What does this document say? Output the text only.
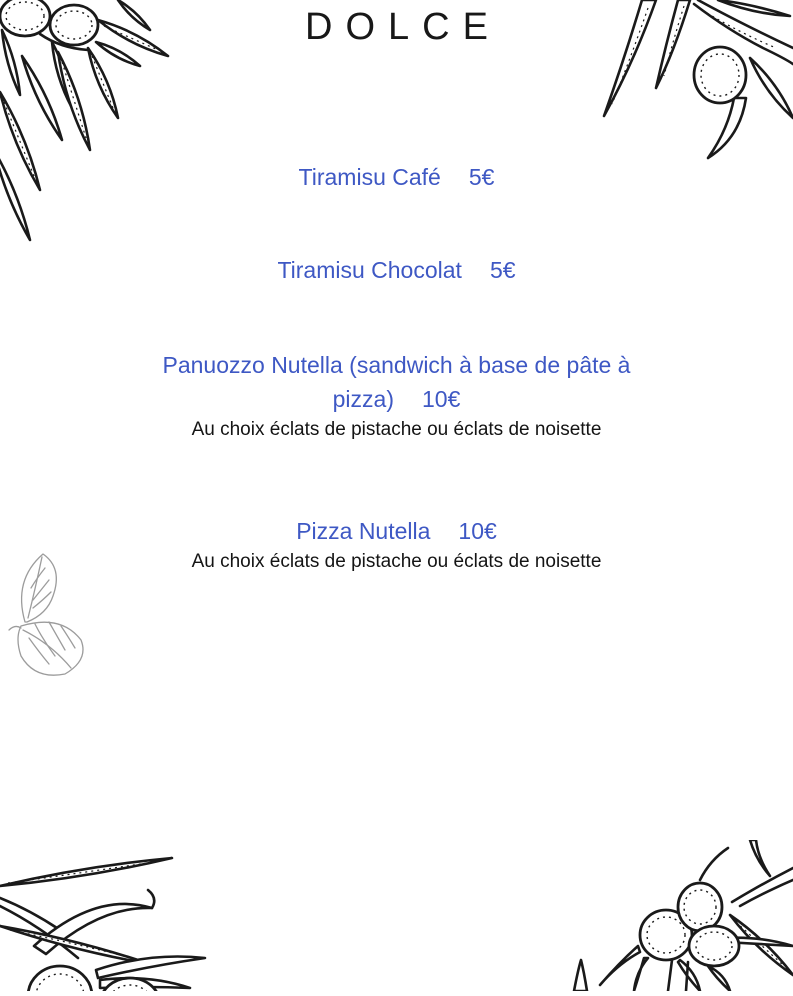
DOLCE
Tiramisu Café 5€
Tiramisu Chocolat 5€
Panuozzo Nutella (sandwich à base de pâte à
pizza) 10€
Au choix éclats de pistache ou éclats de noisette
Pizza Nutella 10€
Au choix éclats de pistache ou éclats de noisette
